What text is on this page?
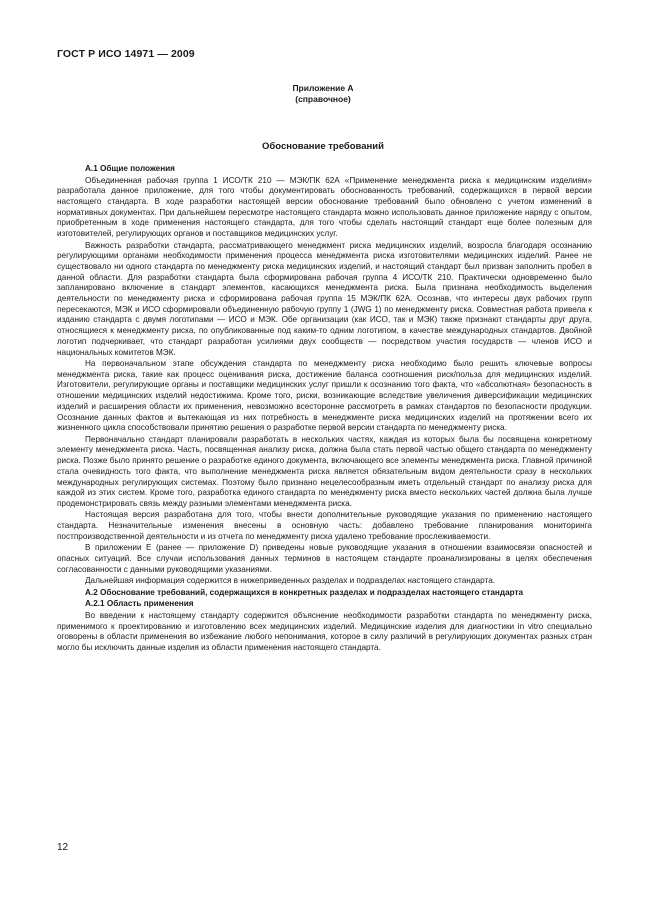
ГОСТ Р ИСО 14971 — 2009
Приложение А
(справочное)
Обоснование требований

А.1 Общие положения

Объединенная рабочая группа 1 ИСО/ТК 210 — МЭК/ПК 62А «Применение менеджмента риска к медицинским изделиям» разработала данное приложение, для того чтобы документировать обоснованность требований, содержащихся в первой версии настоящего стандарта. В ходе разработки настоящей версии обоснование требований было обновлено с учетом изменений в нормативных документах. При дальнейшем пересмотре настоящего стандарта можно использовать данное приложение наряду с опытом, приобретенным в ходе применения настоящего стандарта, для того чтобы сделать настоящий стандарт еще более полезным для изготовителей, регулирующих органов и поставщиков медицинских услуг.

Важность разработки стандарта, рассматривающего менеджмент риска медицинских изделий, возросла благодаря осознанию регулирующими органами необходимости применения процесса менеджмента риска изготовителями медицинских изделий. Ранее не существовало ни одного стандарта по менеджменту риска медицинских изделий, и настоящий стандарт был призван заполнить пробел в данной области. Для разработки стандарта была сформирована рабочая группа 4 ИСО/ТК 210. Практически одновременно было запланировано включение в стандарт элементов, касающихся менеджмента риска. Была признана необходимость выделения деятельности по менеджменту риска и сформирована рабочая группа 15 МЭК/ПК 62А. Осознав, что интересы двух рабочих групп пересекаются, МЭК и ИСО сформировали объединенную рабочую группу 1 (JWG 1) по менеджменту риска. Совместная работа привела к изданию стандарта с двумя логотипами — ИСО и МЭК. Обе организации (как ИСО, так и МЭК) также признают стандарты друг друга, относящиеся к менеджменту риска, по опубликованные под каким-то одним логотипом, в качестве международных стандартов. Двойной логотип подчеркивает, что стандарт разработан усилиями двух сообществ — посредством участия государств — членов ИСО и национальных комитетов МЭК.

На первоначальном этапе обсуждения стандарта по менеджменту риска необходимо было решить ключевые вопросы менеджмента риска, такие как процесс оценивания риска, достижение баланса соотношения риск/польза для медицинских изделий. Изготовители, регулирующие органы и поставщики медицинских услуг пришли к осознанию того факта, что «абсолютная» безопасность в отношении медицинских изделий недостижима. Кроме того, риски, возникающие вследствие увеличения диверсификации медицинских изделий и расширения области их применения, невозможно всесторонне рассмотреть в рамках стандартов по безопасности продукции. Осознание данных фактов и вытекающая из них потребность в менеджменте риска медицинских изделий на протяжении всего их жизненного цикла способствовали принятию решения о разработке первой версии стандарта по менеджменту риска.

Первоначально стандарт планировали разработать в нескольких частях, каждая из которых была бы посвящена конкретному элементу менеджмента риска. Часть, посвященная анализу риска, должна была стать первой частью общего стандарта по менеджменту риска. Позже было принято решение о разработке единого документа, включающего все элементы менеджмента риска. Главной причиной стала очевидность того факта, что выполнение менеджмента риска является обязательным видом деятельности сразу в нескольких международных регулирующих системах. Поэтому было признано нецелесообразным иметь отдельный стандарт по анализу риска для каждой из этих систем. Кроме того, разработка единого стандарта по менеджменту риска вместо нескольких частей должна была лучше продемонстрировать связь между разными элементами менеджмента риска.

Настоящая версия разработана для того, чтобы внести дополнительные руководящие указания по применению настоящего стандарта. Незначительные изменения внесены в основную часть: добавлено требование планирования мониторинга постпроизводственной деятельности и из отчета по менеджменту риска удалено требование прослеживаемости.

В приложении Е (ранее — приложение D) приведены новые руководящие указания в отношении взаимосвязи опасностей и опасных ситуаций. Все случаи использования данных терминов в настоящем стандарте проанализированы в целях обеспечения согласованности с данными руководящими указаниями.

Дальнейшая информация содержится в нижеприведенных разделах и подразделах настоящего стандарта.

А.2 Обоснование требований, содержащихся в конкретных разделах и подразделах настоящего стандарта

А.2.1 Область применения

Во введении к настоящему стандарту содержится объяснение необходимости разработки стандарта по менеджменту риска, применимого к проектированию и изготовлению всех медицинских изделий. Медицинские изделия для диагностики in vitro специально оговорены в области применения во избежание любого непонимания, которое в силу различий в регулирующих документах разных стран могло бы исключить данные изделия из области применения настоящего стандарта.

12
